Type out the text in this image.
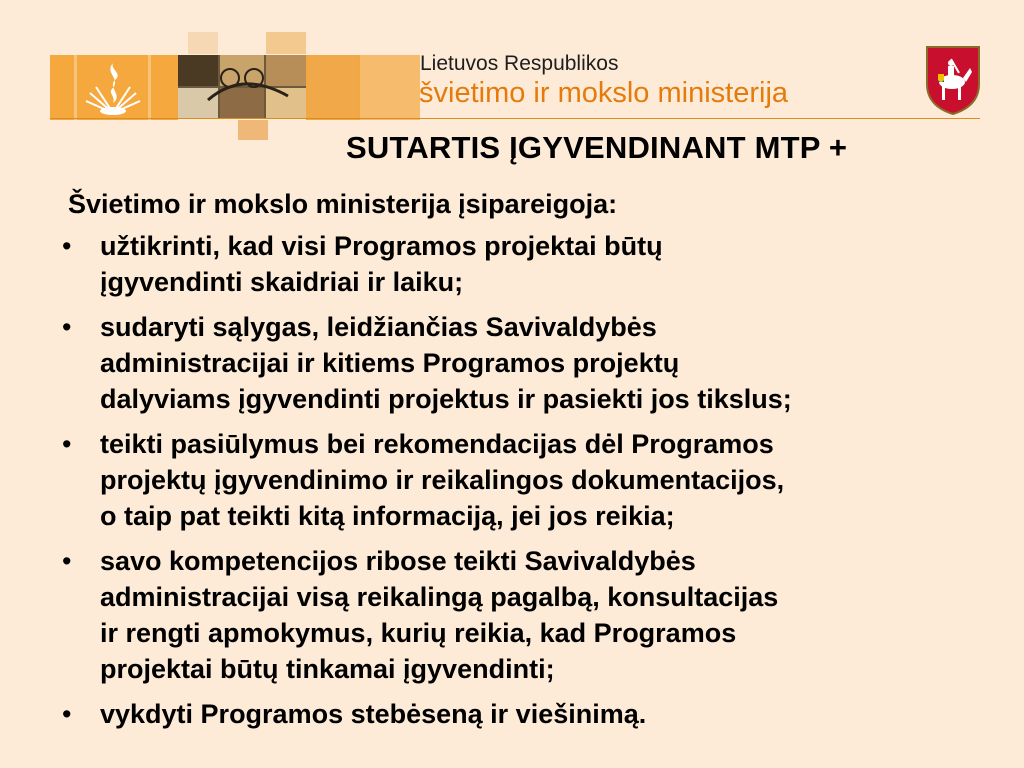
Lietuvos Respublikos
švietimo ir mokslo ministerija
SUTARTIS ĮGYVENDINANT MTP +
Švietimo ir mokslo ministerija įsipareigoja:
• užtikrinti, kad visi Programos projektai būtų
įgyvendinti skaidriai ir laiku;
• sudaryti sąlygas, leidžiančias Savivaldybės
administracijai ir kitiems Programos projektų
dalyviams įgyvendinti projektus ir pasiekti jos tikslus;
• teikti pasiūlymus bei rekomendacijas dėl Programos
projektų įgyvendinimo ir reikalingos dokumentacijos,
o taip pat teikti kitą informaciją, jei jos reikia;
• savo kompetencijos ribose teikti Savivaldybės
administracijai visą reikalingą pagalbą, konsultacijas
ir rengti apmokymus, kurių reikia, kad Programos
projektai būtų tinkamai įgyvendinti;
• vykdyti Programos stebėseną ir viešinimą.
